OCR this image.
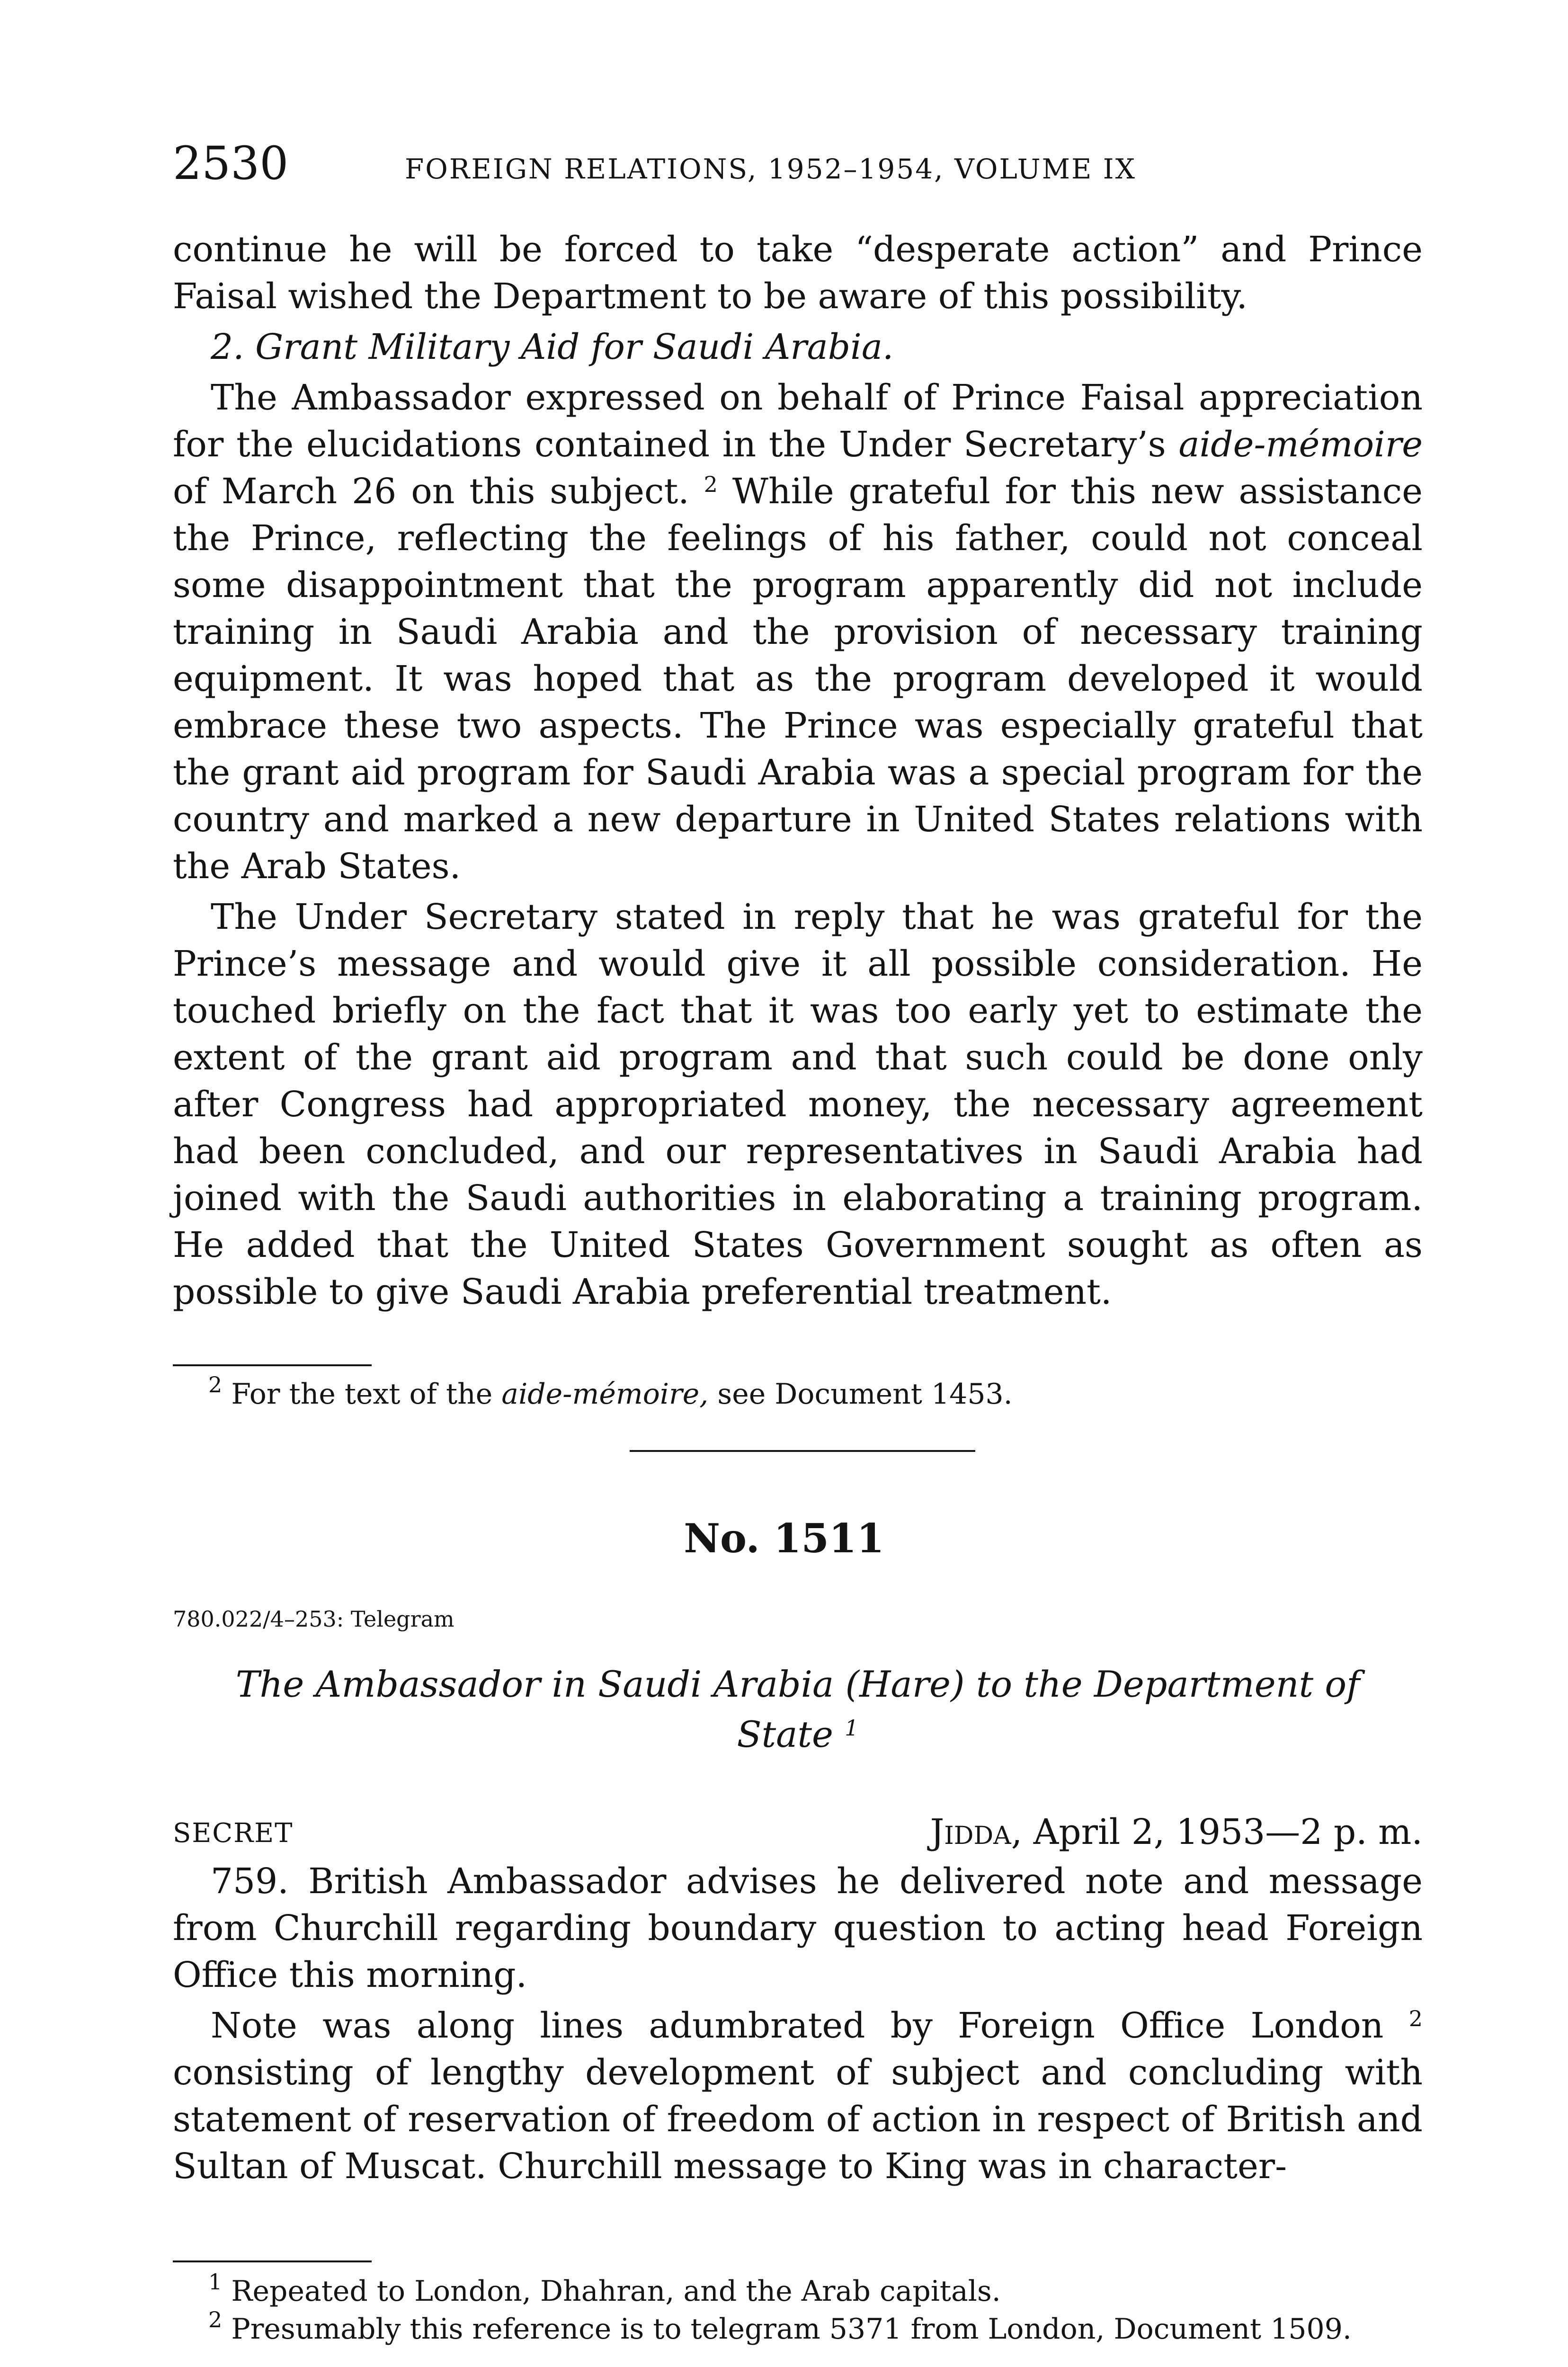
2530	FOREIGN RELATIONS, 1952–1954, VOLUME IX

continue he will be forced to take “desperate action” and Prince Faisal wished the Department to be aware of this possibility.

2. Grant Military Aid for Saudi Arabia.

The Ambassador expressed on behalf of Prince Faisal appreciation for the elucidations contained in the Under Secretary’s aide-mémoire of March 26 on this subject. $^2$ While grateful for this new assistance the Prince, reflecting the feelings of his father, could not conceal some disappointment that the program apparently did not include training in Saudi Arabia and the provision of necessary training equipment. It was hoped that as the program developed it would embrace these two aspects. The Prince was especially grateful that the grant aid program for Saudi Arabia was a special program for the country and marked a new departure in United States relations with the Arab States.

The Under Secretary stated in reply that he was grateful for the Prince’s message and would give it all possible consideration. He touched briefly on the fact that it was too early yet to estimate the extent of the grant aid program and that such could be done only after Congress had appropriated money, the necessary agreement had been concluded, and our representatives in Saudi Arabia had joined with the Saudi authorities in elaborating a training program. He added that the United States Government sought as often as possible to give Saudi Arabia preferential treatment.

$^2$ For the text of the aide-mémoire, see Document 1453.
No. 1511
780.022/4–253: Telegram
The Ambassador in Saudi Arabia (Hare) to the Department of
State $^1$
SECRET	Jidda, April 2, 1953—2 p. m.

759. British Ambassador advises he delivered note and message from Churchill regarding boundary question to acting head Foreign Office this morning.

Note was along lines adumbrated by Foreign Office London $^2$ consisting of lengthy development of subject and concluding with statement of reservation of freedom of action in respect of British and Sultan of Muscat. Churchill message to King was in character-

$^1$ Repeated to London, Dhahran, and the Arab capitals.
$^2$ Presumably this reference is to telegram 5371 from London, Document 1509.
